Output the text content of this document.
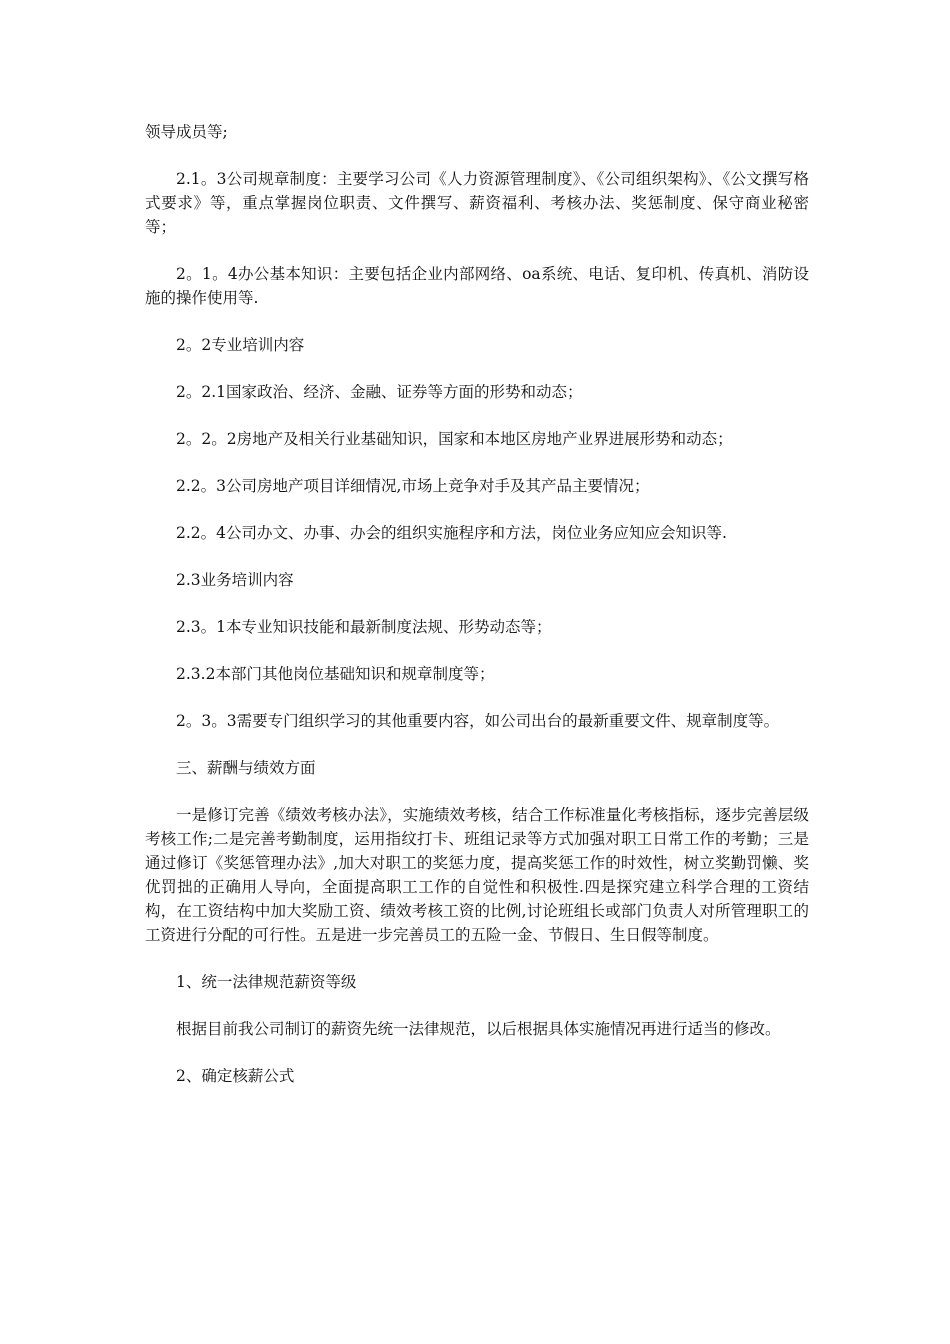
领导成员等;

2.1。3公司规章制度：主要学习公司《人力资源管理制度》、《公司组织架构》、《公文撰写格式要求》等，重点掌握岗位职责、文件撰写、薪资福利、考核办法、奖惩制度、保守商业秘密等；

2。1。4办公基本知识：主要包括企业内部网络、oa系统、电话、复印机、传真机、消防设施的操作使用等.

2。2专业培训内容

2。2.1国家政治、经济、金融、证券等方面的形势和动态；

2。2。2房地产及相关行业基础知识，国家和本地区房地产业界进展形势和动态；

2.2。3公司房地产项目详细情况,市场上竞争对手及其产品主要情况；

2.2。4公司办文、办事、办会的组织实施程序和方法，岗位业务应知应会知识等.

2.3业务培训内容

2.3。1本专业知识技能和最新制度法规、形势动态等；

2.3.2本部门其他岗位基础知识和规章制度等；

2。3。3需要专门组织学习的其他重要内容，如公司出台的最新重要文件、规章制度等。

三、薪酬与绩效方面

一是修订完善《绩效考核办法》，实施绩效考核，结合工作标准量化考核指标，逐步完善层级考核工作;二是完善考勤制度，运用指纹打卡、班组记录等方式加强对职工日常工作的考勤；三是通过修订《奖惩管理办法》,加大对职工的奖惩力度，提高奖惩工作的时效性，树立奖勤罚懒、奖优罚拙的正确用人导向，全面提高职工工作的自觉性和积极性.四是探究建立科学合理的工资结构，在工资结构中加大奖励工资、绩效考核工资的比例,讨论班组长或部门负责人对所管理职工的工资进行分配的可行性。五是进一步完善员工的五险一金、节假日、生日假等制度。

1、统一法律规范薪资等级

根据目前我公司制订的薪资先统一法律规范，以后根据具体实施情况再进行适当的修改。

2、确定核薪公式
